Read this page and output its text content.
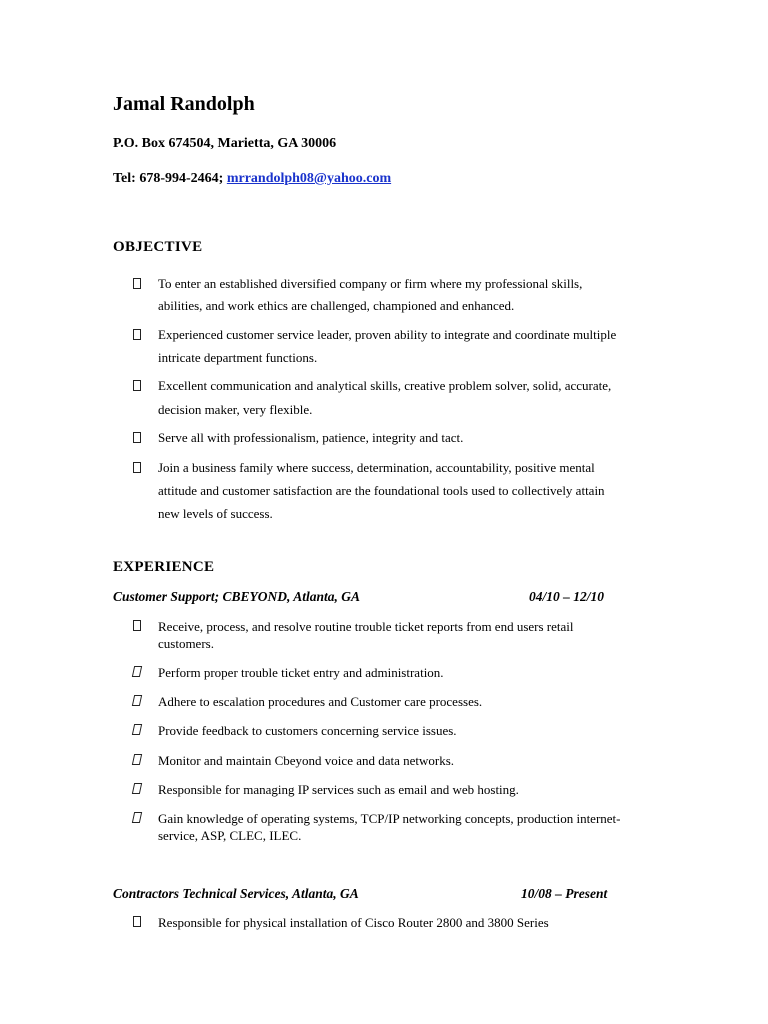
Jamal Randolph
P.O. Box 674504, Marietta, GA 30006
Tel: 678-994-2464; mrrandolph08@yahoo.com
OBJECTIVE
To enter an established diversified company or firm where my professional skills,
abilities, and work ethics are challenged, championed and enhanced.
Experienced customer service leader, proven ability to integrate and coordinate multiple
intricate department functions.
Excellent communication and analytical skills, creative problem solver, solid, accurate,
decision maker, very flexible.
Serve all with professionalism, patience, integrity and tact.
Join a business family where success, determination, accountability, positive mental
attitude and customer satisfaction are the foundational tools used to collectively attain
new levels of success.
EXPERIENCE
Customer Support; CBEYOND, Atlanta, GA	04/10 – 12/10
Receive, process, and resolve routine trouble ticket reports from end users retail
customers.
Perform proper trouble ticket entry and administration.
Adhere to escalation procedures and Customer care processes.
Provide feedback to customers concerning service issues.
Monitor and maintain Cbeyond voice and data networks.
Responsible for managing IP services such as email and web hosting.
Gain knowledge of operating systems, TCP/IP networking concepts, production internet-
service, ASP, CLEC, ILEC.
Contractors Technical Services, Atlanta, GA	10/08 – Present
Responsible for physical installation of Cisco Router 2800 and 3800 Series
